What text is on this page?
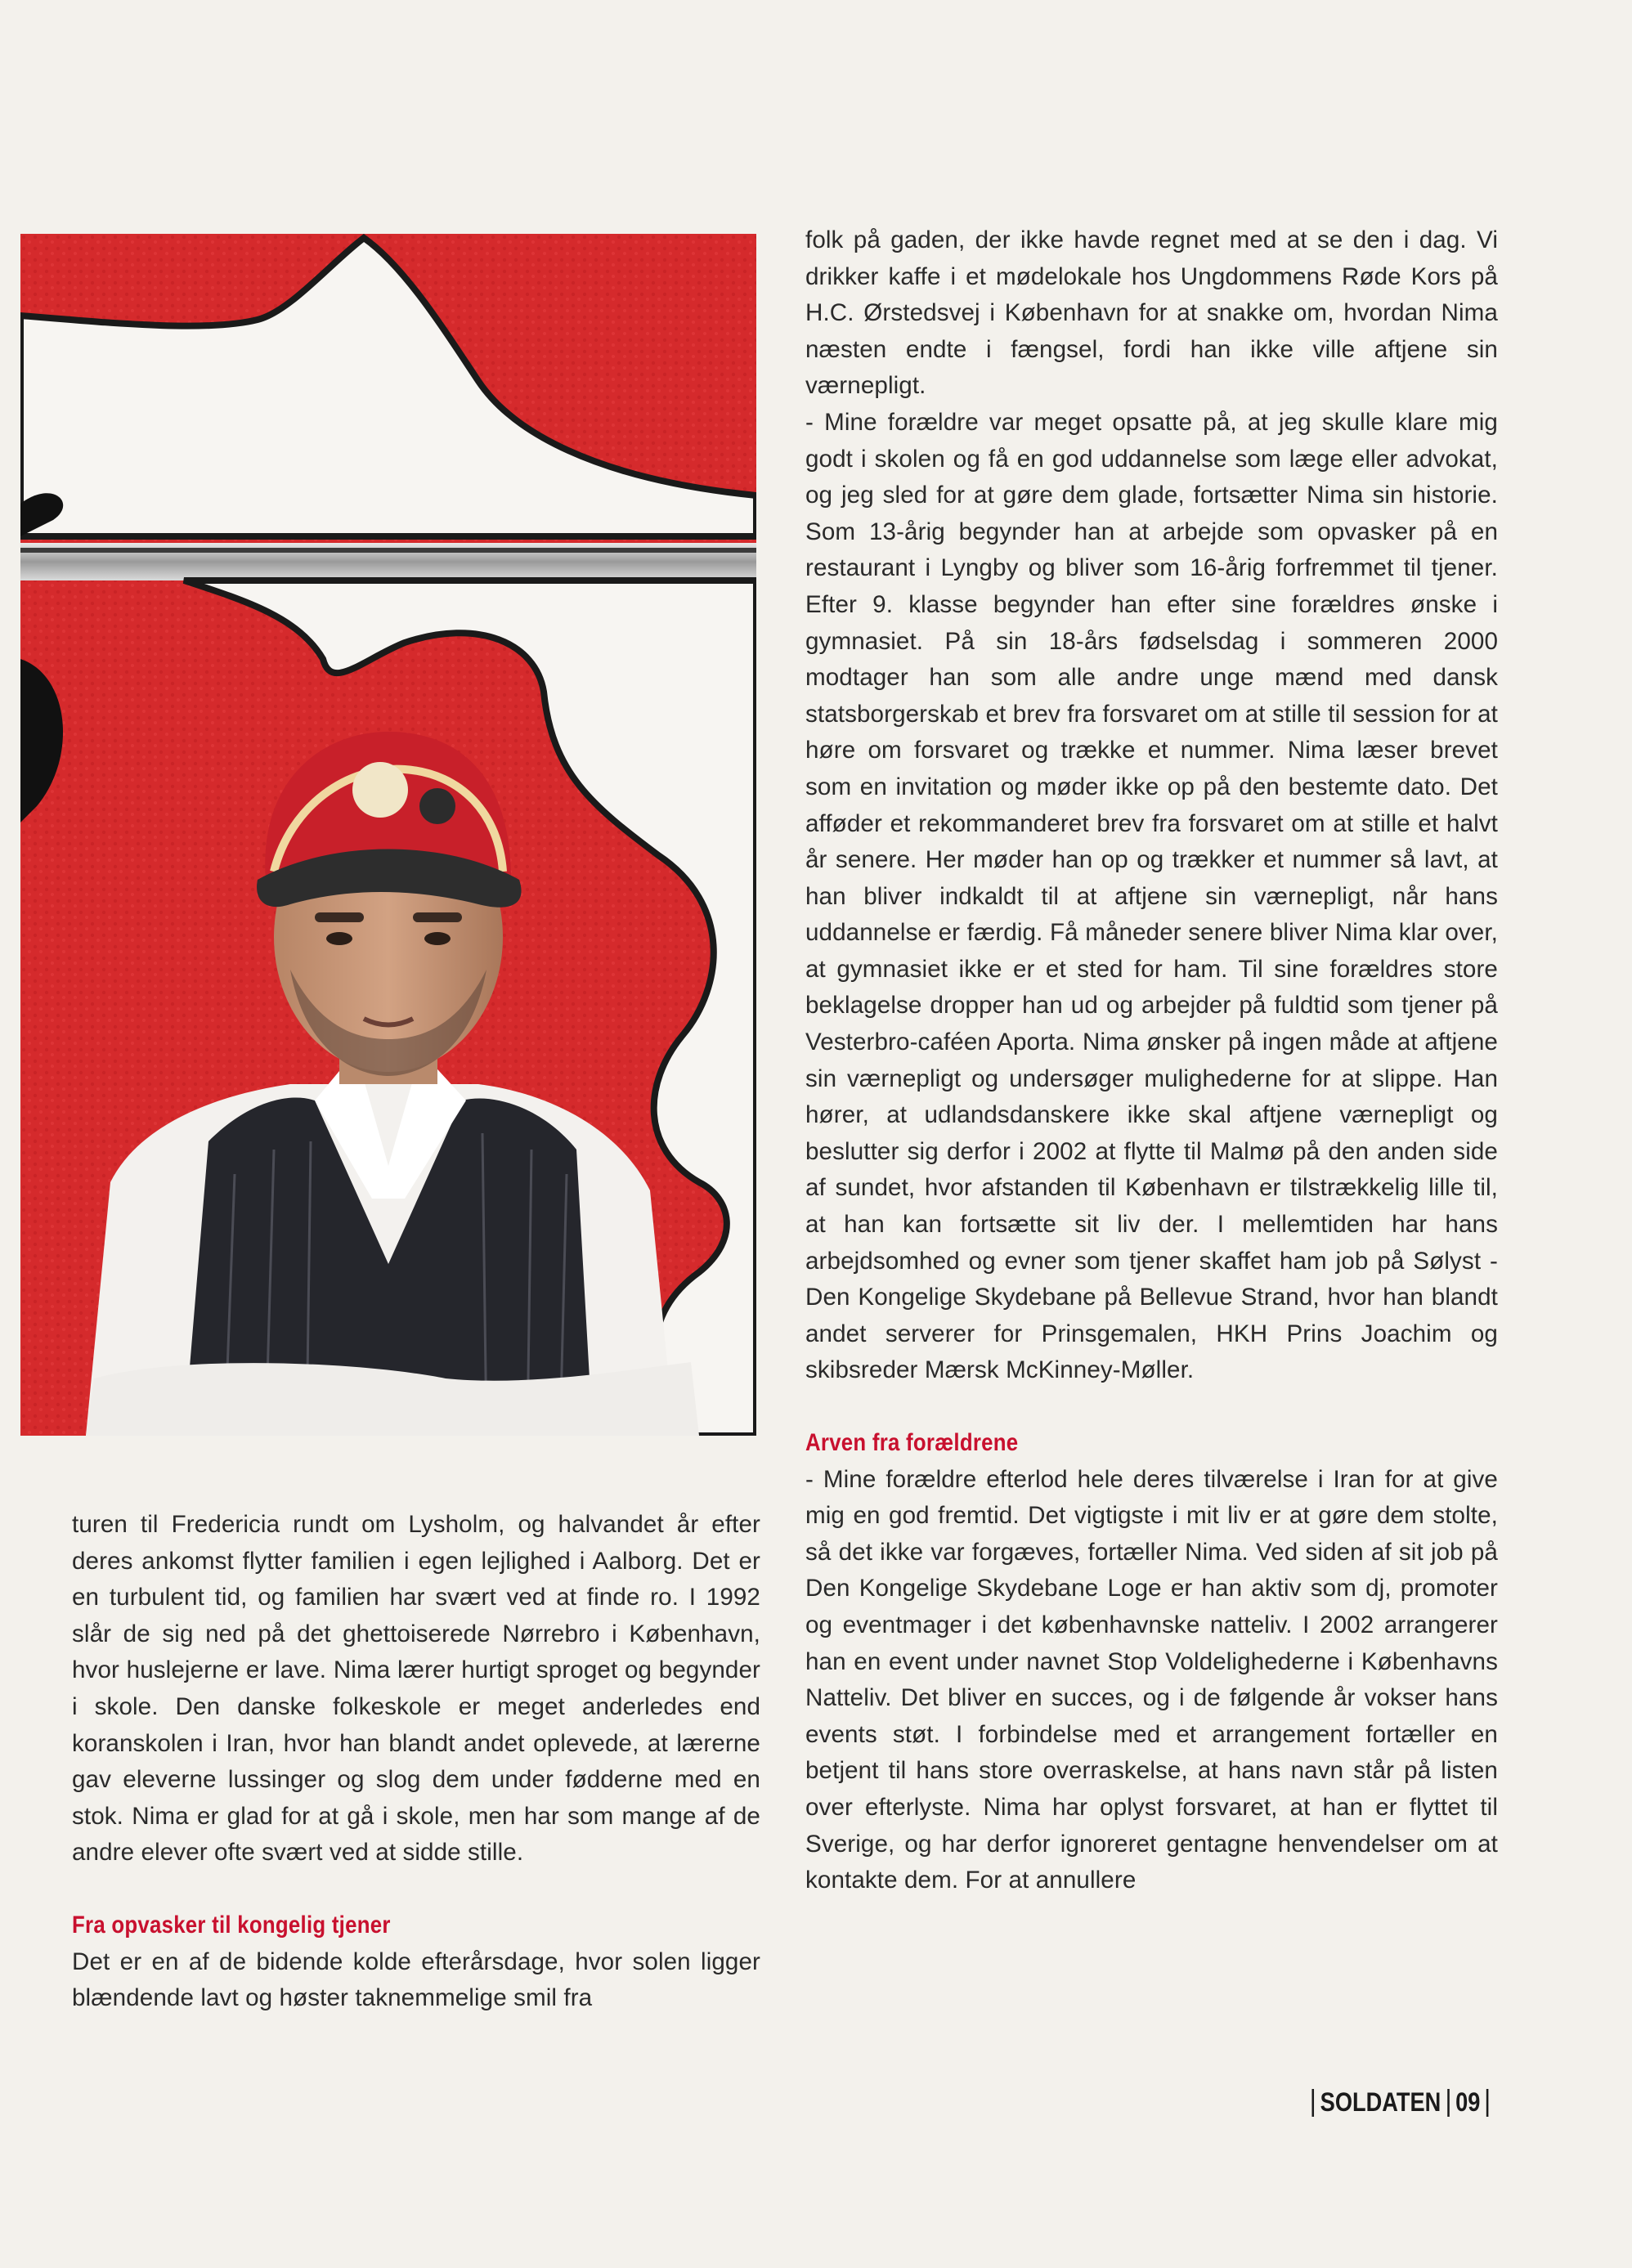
turen til Fredericia rundt om Lysholm, og halvandet år efter deres ankomst flytter familien i egen lejlighed i Aalborg. Det er en turbulent tid, og familien har svært ved at finde ro. I 1992 slår de sig ned på det ghettoiserede Nørrebro i København, hvor huslejerne er lave. Nima lærer hurtigt sproget og begynder i skole. Den danske folkeskole er meget anderledes end koranskolen i Iran, hvor han blandt andet oplevede, at lærerne gav eleverne lussinger og slog dem under fødderne med en stok. Nima er glad for at gå i skole, men har som mange af de andre elever ofte svært ved at sidde stille.

Fra opvasker til kongelig tjener

Det er en af de bidende kolde efterårsdage, hvor solen ligger blændende lavt og høster taknemmelige smil fra

folk på gaden, der ikke havde regnet med at se den i dag. Vi drikker kaffe i et mødelokale hos Ungdommens Røde Kors på H.C. Ørstedsvej i København for at snakke om, hvordan Nima næsten endte i fængsel, fordi han ikke ville aftjene sin værnepligt.

- Mine forældre var meget opsatte på, at jeg skulle klare mig godt i skolen og få en god uddannelse som læge eller advokat, og jeg sled for at gøre dem glade, fortsætter Nima sin historie. Som 13-årig begynder han at arbejde som opvasker på en restaurant i Lyngby og bliver som 16-årig forfremmet til tjener. Efter 9. klasse begynder han efter sine forældres ønske i gymnasiet. På sin 18-års fødselsdag i sommeren 2000 modtager han som alle andre unge mænd med dansk statsborgerskab et brev fra forsvaret om at stille til session for at høre om forsvaret og trække et nummer. Nima læser brevet som en invitation og møder ikke op på den bestemte dato. Det afføder et rekommanderet brev fra forsvaret om at stille et halvt år senere. Her møder han op og trækker et nummer så lavt, at han bliver indkaldt til at aftjene sin værnepligt, når hans uddannelse er færdig. Få måneder senere bliver Nima klar over, at gymnasiet ikke er et sted for ham. Til sine forældres store beklagelse dropper han ud og arbejder på fuldtid som tjener på Vesterbro-caféen Aporta. Nima ønsker på ingen måde at aftjene sin værnepligt og undersøger mulighederne for at slippe. Han hører, at udlandsdanskere ikke skal aftjene værnepligt og beslutter sig derfor i 2002 at flytte til Malmø på den anden side af sundet, hvor afstanden til København er tilstrækkelig lille til, at han kan fortsætte sit liv der. I mellemtiden har hans arbejdsomhed og evner som tjener skaffet ham job på Sølyst - Den Kongelige Skydebane på Bellevue Strand, hvor han blandt andet serverer for Prinsgemalen, HKH Prins Joachim og skibsreder Mærsk McKinney-Møller.

Arven fra forældrene

- Mine forældre efterlod hele deres tilværelse i Iran for at give mig en god fremtid. Det vigtigste i mit liv er at gøre dem stolte, så det ikke var forgæves, fortæller Nima. Ved siden af sit job på Den Kongelige Skydebane Loge er han aktiv som dj, promoter og eventmager i det københavnske natteliv. I 2002 arrangerer han en event under navnet Stop Voldelighederne i Københavns Natteliv. Det bliver en succes, og i de følgende år vokser hans events støt. I forbindelse med et arrangement fortæller en betjent til hans store overraskelse, at hans navn står på listen over efterlyste. Nima har oplyst forsvaret, at han er flyttet til Sverige, og har derfor ignoreret gentagne henvendelser om at kontakte dem. For at annullere

SOLDATEN 09
